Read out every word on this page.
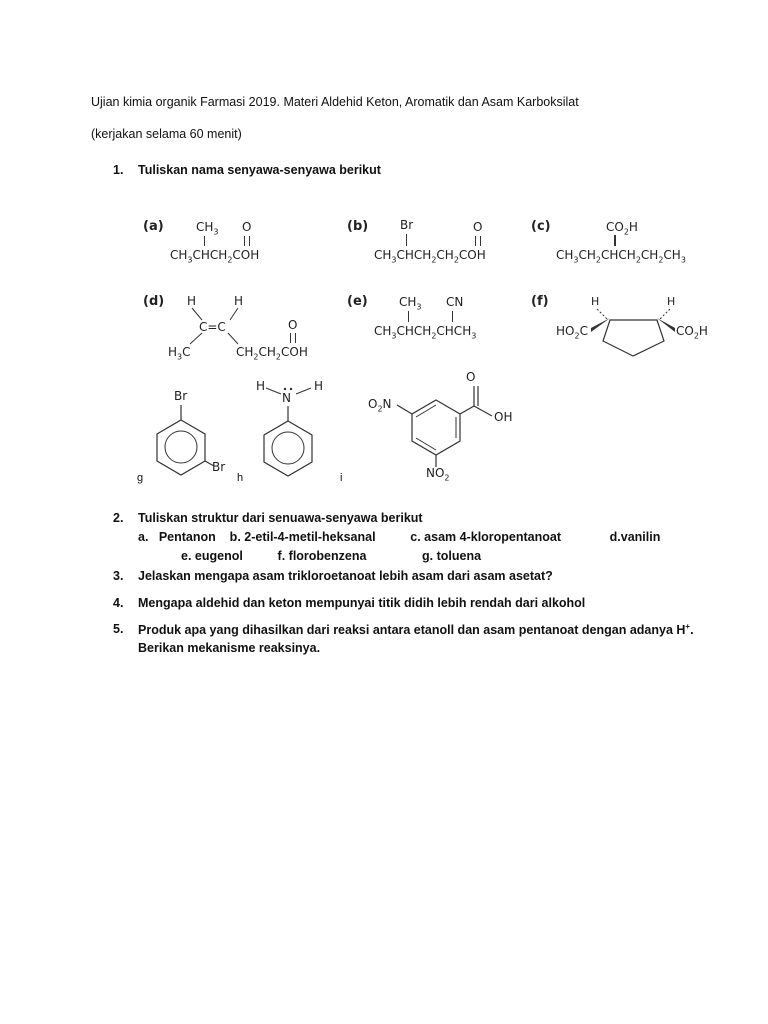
Ujian kimia organik Farmasi 2019. Materi Aldehid Keton, Aromatik dan Asam Karboksilat
(kerjakan selama 60 menit)
1. Tuliskan nama senyawa-senyawa berikut
(a)	$CH_3$ O
$CH_3CHCH_2COH$
(b)	Br	O
$CH_3CHCH_2CH_2COH$
(c)	$CO_2H$
$CH_3CH_2CHCH_2CH_2CH_3$
(d) H	H
C=C	O
$H_3C$	$CH_2CH_2COH$
(e)	$CH_3$ CN
$CH_3CHCH_2CHCH_3$
(f)	H	H
$HO_2C$	$CO_2H$
Br
Br
g
H
N
H
h
O
$O_2N$
OH
$NO_2$
i
2. Tuliskan struktur dari senuawa-senyawa berikut
a.   Pentanon    b. 2-etil-4-metil-heksanal          c. asam 4-kloropentanoat              d.vanilin
e. eugenol          f. florobenzena                g. toluena
3. Jelaskan mengapa asam trikloroetanoat lebih asam dari asam asetat?
4. Mengapa aldehid dan keton mempunyai titik didih lebih rendah dari alkohol
5. Produk apa yang dihasilkan dari reaksi antara etanoll dan asam pentanoat dengan adanya H+.
Berikan mekanisme reaksinya.
